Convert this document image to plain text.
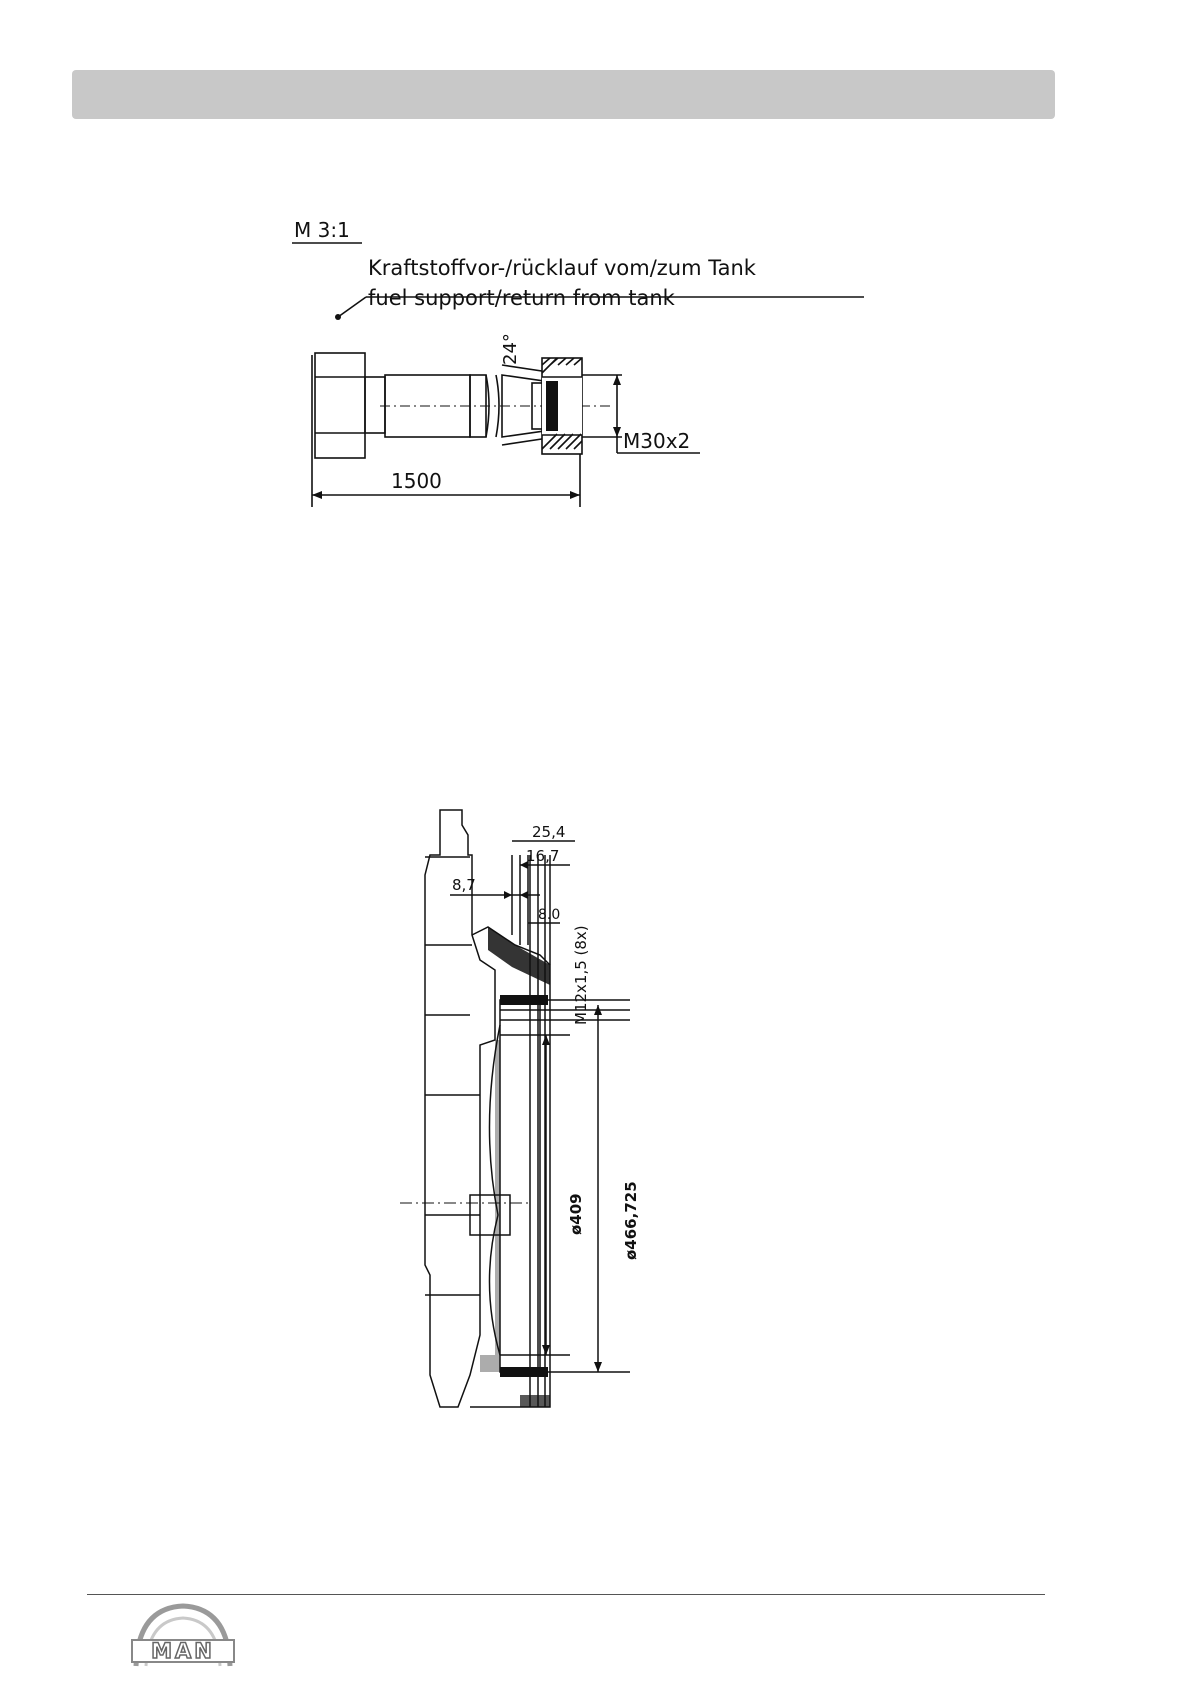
M 3:1
Kraftstoffvor-/rücklauf vom/zum Tank
fuel support/return from tank
24°
M30x2
1500
25,4
16,7
8,7
8.0
M12x1,5 (8x)
ø409 ø466,725
MAN
